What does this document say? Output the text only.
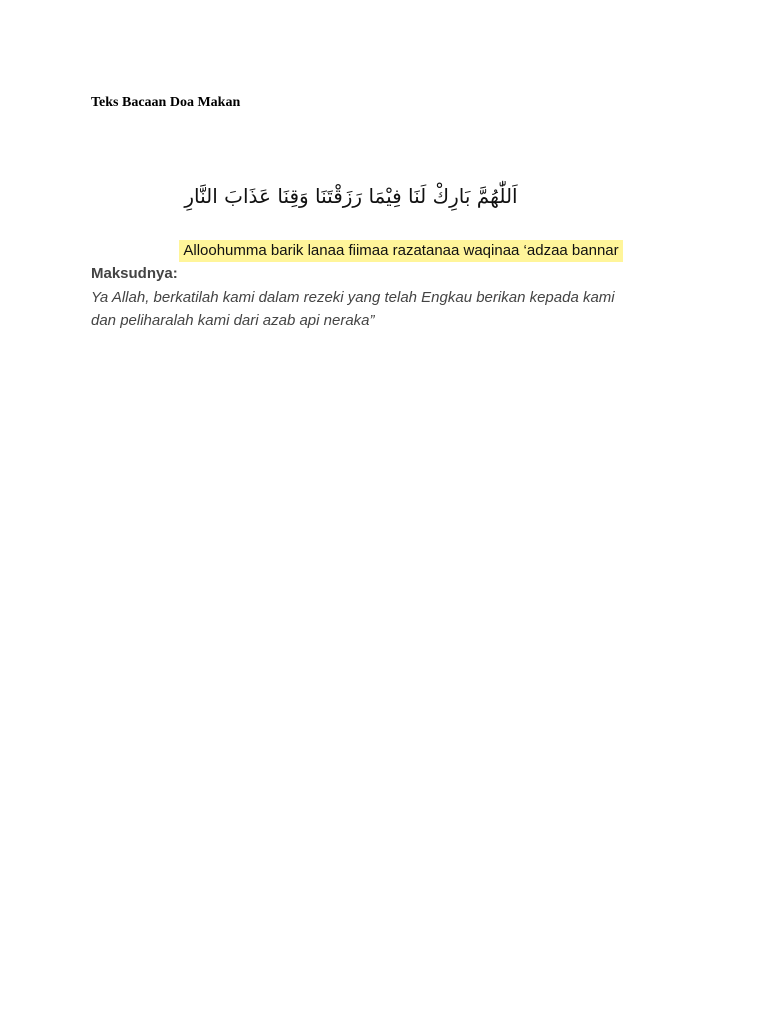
Teks Bacaan Doa Makan
اَللّٰهُمَّ بَارِكْ لَنَا فِيْمَا رَزَقْتَنَا وَقِنَا عَذَابَ النَّارِ
Alloohumma barik lanaa fiimaa razatanaa waqinaa ‘adzaa bannar
Maksudnya:
Ya Allah, berkatilah kami dalam rezeki yang telah Engkau berikan kepada kami
dan peliharalah kami dari azab api neraka”
